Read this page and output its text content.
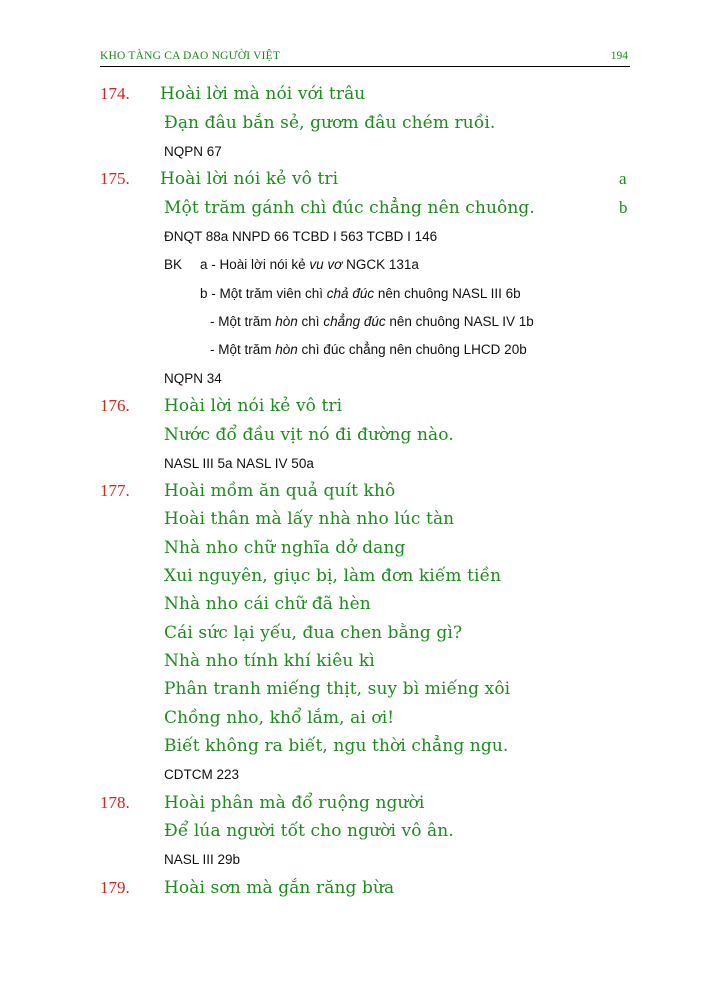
KHO TÀNG CA DAO NGƯỜI VIỆT	194
174. Hoài lời mà nói với trâu
Đạn đâu bắn sẻ, gươm đâu chém ruồi.
NQPN 67
175. Hoài lời nói kẻ vô tri	a
Một trăm gánh chì đúc chẳng nên chuông.	b
ĐNQT 88a NNPD 66 TCBD I 563 TCBD I 146
BK a - Hoài lời nói kẻ vu vơ NGCK 131a
b - Một trăm viên chì chả đúc nên chuông NASL III 6b
- Một trăm hòn chì chẳng đúc nên chuông NASL IV 1b
- Một trăm hòn chì đúc chẳng nên chuông LHCD 20b
NQPN 34
176. Hoài lời nói kẻ vô tri
Nước đổ đầu vịt nó đi đường nào.
NASL III 5a NASL IV 50a
177. Hoài mồm ăn quả quít khô
Hoài thân mà lấy nhà nho lúc tàn
Nhà nho chữ nghĩa dở dang
Xui nguyên, giục bị, làm đơn kiếm tiền
Nhà nho cái chữ đã hèn
Cái sức lại yếu, đua chen bằng gì?
Nhà nho tính khí kiêu kì
Phân tranh miếng thịt, suy bì miếng xôi
Chồng nho, khổ lắm, ai ơi!
Biết không ra biết, ngu thời chẳng ngu.
CDTCM 223
178. Hoài phân mà đổ ruộng người
Để lúa người tốt cho người vô ân.
NASL III 29b
179. Hoài sơn mà gắn răng bừa
